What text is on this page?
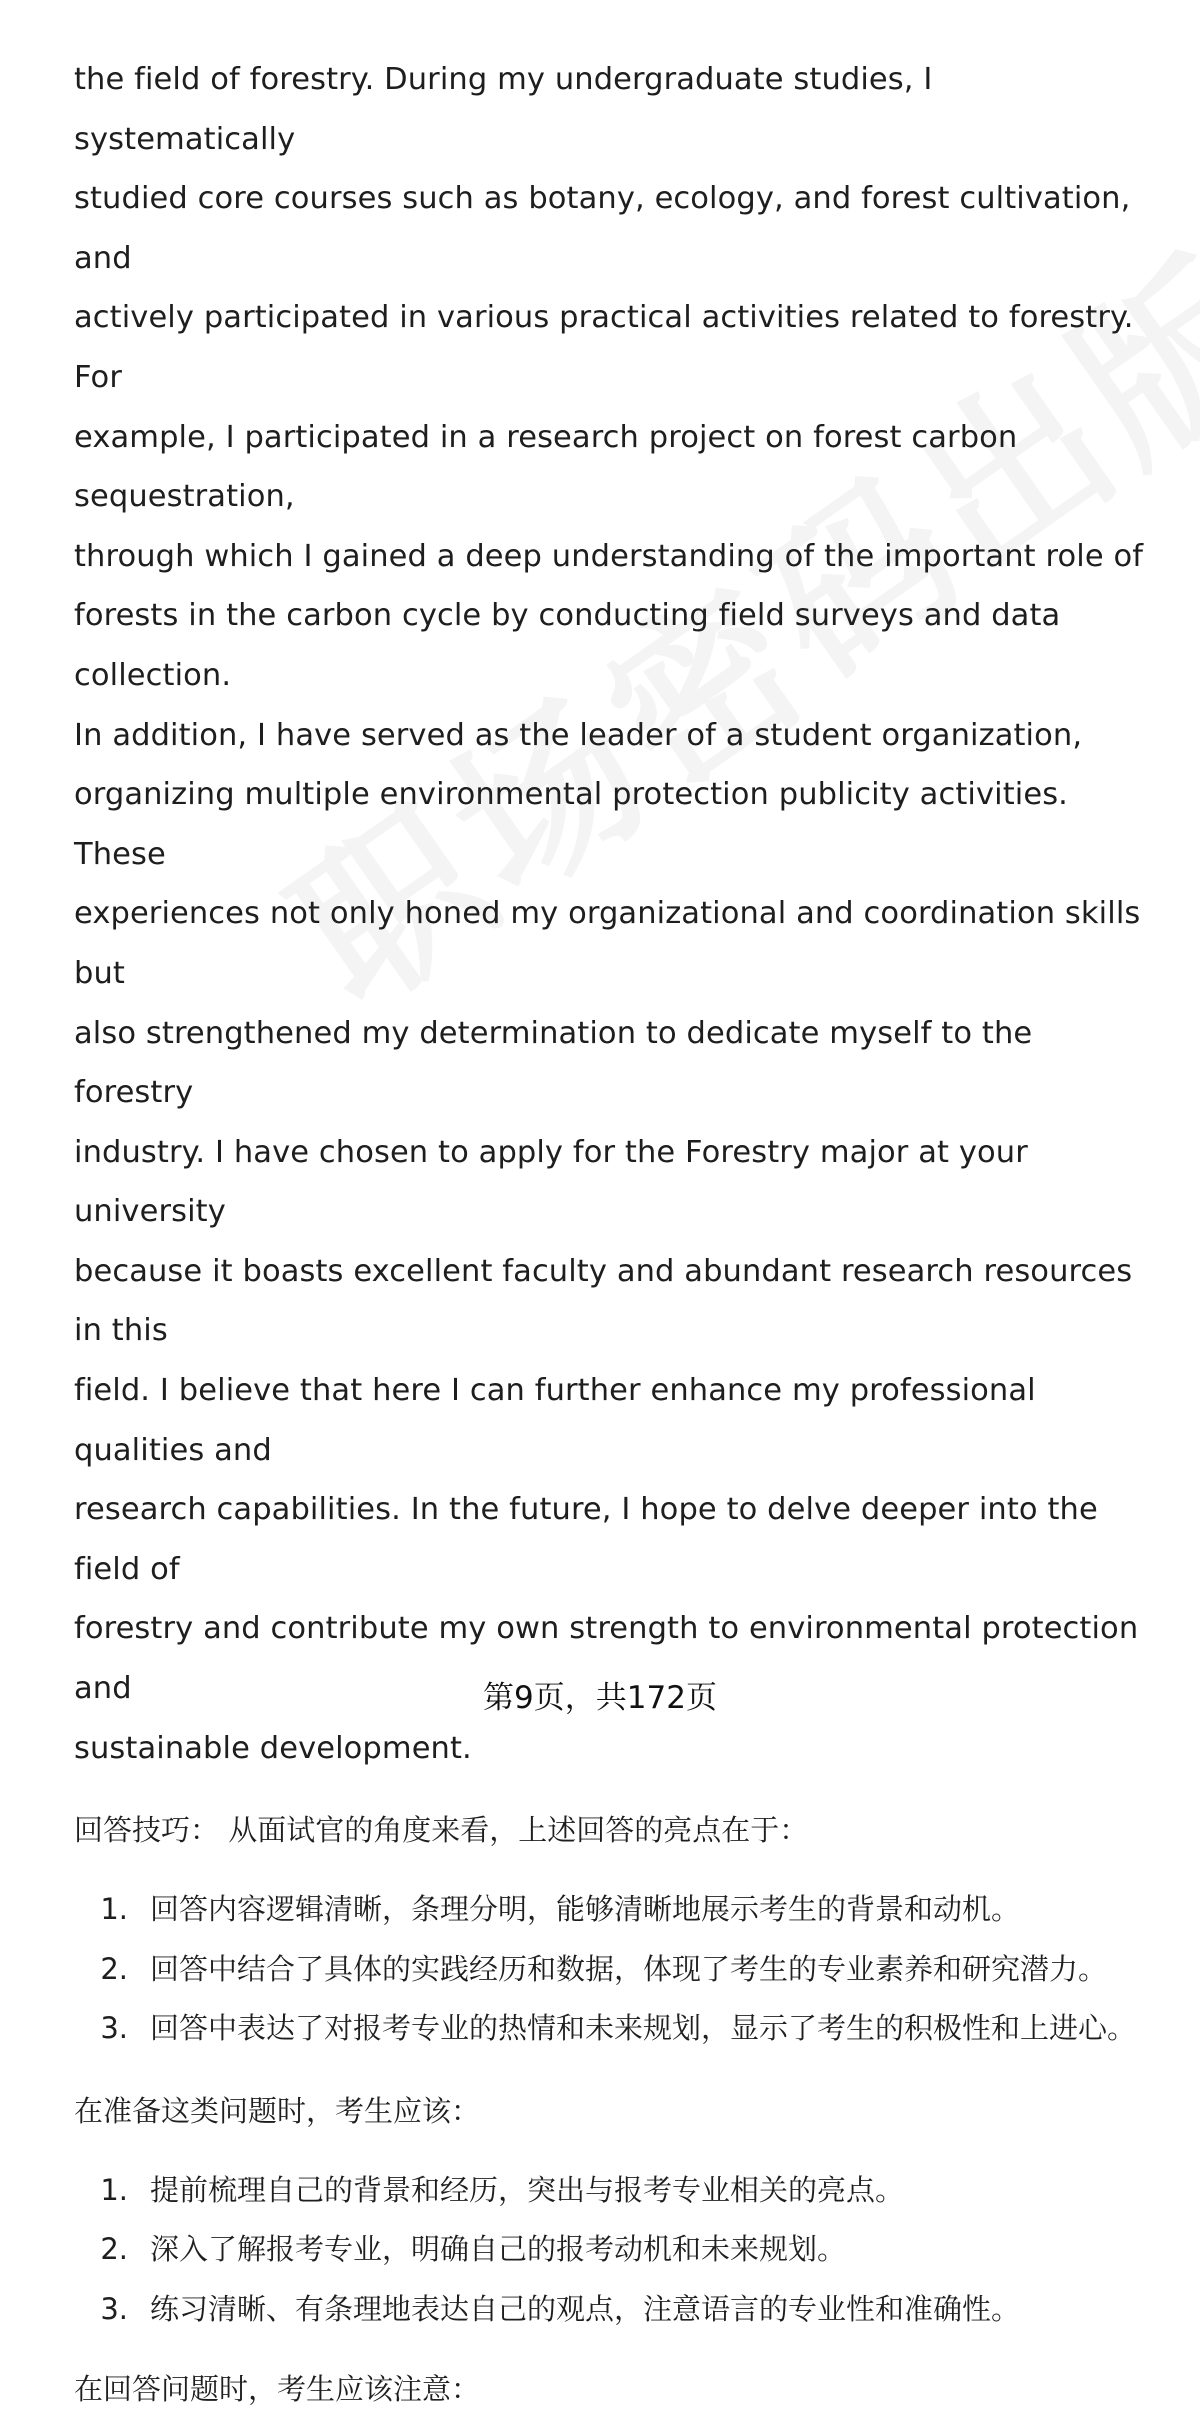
the field of forestry. During my undergraduate studies, I systematically

studied core courses such as botany, ecology, and forest cultivation, and

actively participated in various practical activities related to forestry. For

example, I participated in a research project on forest carbon sequestration,

through which I gained a deep understanding of the important role of

forests in the carbon cycle by conducting field surveys and data collection.

In addition, I have served as the leader of a student organization,

organizing multiple environmental protection publicity activities. These

experiences not only honed my organizational and coordination skills but

also strengthened my determination to dedicate myself to the forestry

industry. I have chosen to apply for the Forestry major at your university

because it boasts excellent faculty and abundant research resources in this

field. I believe that here I can further enhance my professional qualities and

research capabilities. In the future, I hope to delve deeper into the field of

forestry and contribute my own strength to environmental protection and

sustainable development.

回答技巧： 从面试官的角度来看，上述回答的亮点在于：

1. 回答内容逻辑清晰，条理分明，能够清晰地展示考生的背景和动机。
2. 回答中结合了具体的实践经历和数据，体现了考生的专业素养和研究潜力。
3. 回答中表达了对报考专业的热情和未来规划，显示了考生的积极性和上进心。

在准备这类问题时，考生应该：

1. 提前梳理自己的背景和经历，突出与报考专业相关的亮点。
2. 深入了解报考专业，明确自己的报考动机和未来规划。
3. 练习清晰、有条理地表达自己的观点，注意语言的专业性和准确性。

在回答问题时，考生应该注意：

第9页，共172页
